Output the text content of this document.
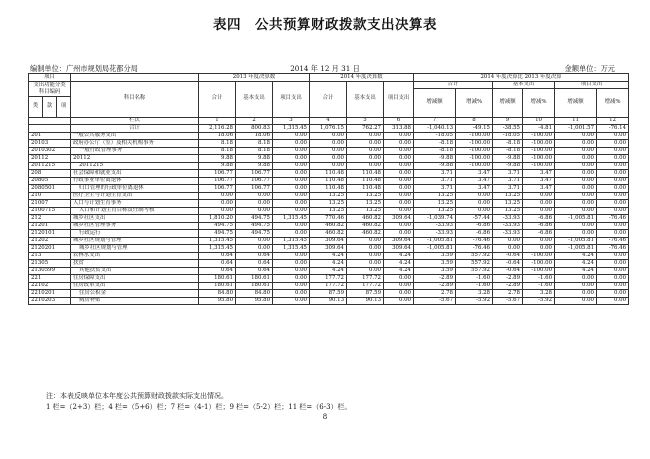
表四　公共预算财政拨款支出决算表
编制单位：广州市规划局花都分局	2014 年 12 月 31 日	金额单位：万元
项目				2013 年度决算数			2014 年度决算数			2014 年度决算比 2013 年度决算					
支出功能分类科目编码			科目名称	合计	基本支出	项目支出	合计	基本支出	项目支出	合计		基本支出		项目支出	
										增减额	增减%	增减额	增减%	增减额	增减%

类	款	项													
			栏次	1	2	3	4	5	6	7	8	9	10	11	12
			合计	2,116.28	800.83	1,315.45	1,076.15	762.27	313.88	-1,040.13	-49.15	-38.55	-4.81	-1,001.57	-76.14
201			一般公共服务支出	18.06	18.06	0.00	0.00	0.00	0.00	-18.05	-100.00	-18.05	-100.00	0.00	0.00
20103			政府办公厅（室）及相关机构事务	8.18	8.18	0.00	0.00	0.00	0.00	-8.18	-100.00	-8.18	-100.00	0.00	0.00
2010302			一般行政管理事务	8.18	8.18	0.00	0.00	0.00	0.00	-8.18	-100.00	-8.18	-100.00	0.00	0.00
20112			20112	9.88	9.88	0.00	0.00	0.00	0.00	-9.88	-100.00	-9.88	-100.00	0.00	0.00
2011215			2011215	9.88	9.88	0.00	0.00	0.00	0.00	-9.88	-100.00	-9.88	-100.00	0.00	0.00
208			社会保障和就业支出	106.77	106.77	0.00	110.48	110.48	0.00	3.71	3.47	3.71	3.47	0.00	0.00
20805			行政事业单位离退休	106.77	106.77	0.00	110.48	110.48	0.00	3.71	3.47	3.71	3.47	0.00	0.00
2080501			归口管理的行政单位离退休	106.77	106.77	0.00	110.48	110.48	0.00	3.71	3.47	3.71	3.47	0.00	0.00
210			医疗卫生与计划生育支出	0.00	0.00	0.00	13.25	13.25	0.00	13.25	0.00	13.25	0.00	0.00	0.00
21007			人口与计划生育事务	0.00	0.00	0.00	13.25	13.25	0.00	13.25	0.00	13.25	0.00	0.00	0.00
2100715			人口和计划生育目标责任制考核	0.00	0.00	0.00	13.25	13.25	0.00	13.25	0.00	13.25	0.00	0.00	0.00
212			城乡社区支出	1,810.20	494.75	1,315.45	770.46	460.82	309.64	-1,039.74	-57.44	-33.93	-6.86	-1,005.81	-76.46
21201			城乡社区管理事务	494.75	494.75	0.00	460.82	460.82	0.00	-33.93	-6.86	-33.93	-6.86	0.00	0.00
2120101			行政运行	494.75	494.75	0.00	460.82	460.82	0.00	-33.93	-6.86	-33.93	-6.86	0.00	0.00
21202			城乡社区规划与管理	1,315.45	0.00	1,315.45	309.64	0.00	309.64	-1,005.81	-76.46	0.00	0.00	-1,005.81	-76.46
2120201			城乡社区规划与管理	1,315.45	0.00	1,315.45	309.64	0.00	309.64	-1,005.81	-76.46	0.00	0.00	-1,005.81	-76.46
213			农林水支出	0.64	0.64	0.00	4.24	0.00	4.24	3.59	557.92	-0.64	-100.00	4.24	0.00
21305			扶贫	0.64	0.64	0.00	4.24	0.00	4.24	3.59	557.92	-0.64	-100.00	4.24	0.00
2130599			其他扶贫支出	0.64	0.64	0.00	4.24	0.00	4.24	3.59	557.92	-0.64	-100.00	4.24	0.00
221			住房保障支出	180.61	180.61	0.00	177.72	177.72	0.00	-2.89	-1.60	-2.89	-1.60	0.00	0.00
22102			住房改革支出	180.61	180.61	0.00	177.72	177.72	0.00	-2.89	-1.60	-2.89	-1.60	0.00	0.00
2210201			住房公积金	84.80	84.80	0.00	87.59	87.59	0.00	2.78	3.28	2.78	3.28	0.00	0.00
2210203			购房补贴	95.80	95.80	0.00	90.13	90.13	0.00	-5.67	-5.92	-5.67	-5.92	0.00	0.00
注：本表反映单位本年度公共预算财政拨款实际支出情况。
1 栏=（2+3）栏；4 栏=（5+6）栏；7 栏=（4-1）栏；9 栏=（5-2）栏；11 栏=（6-3）栏。
8
